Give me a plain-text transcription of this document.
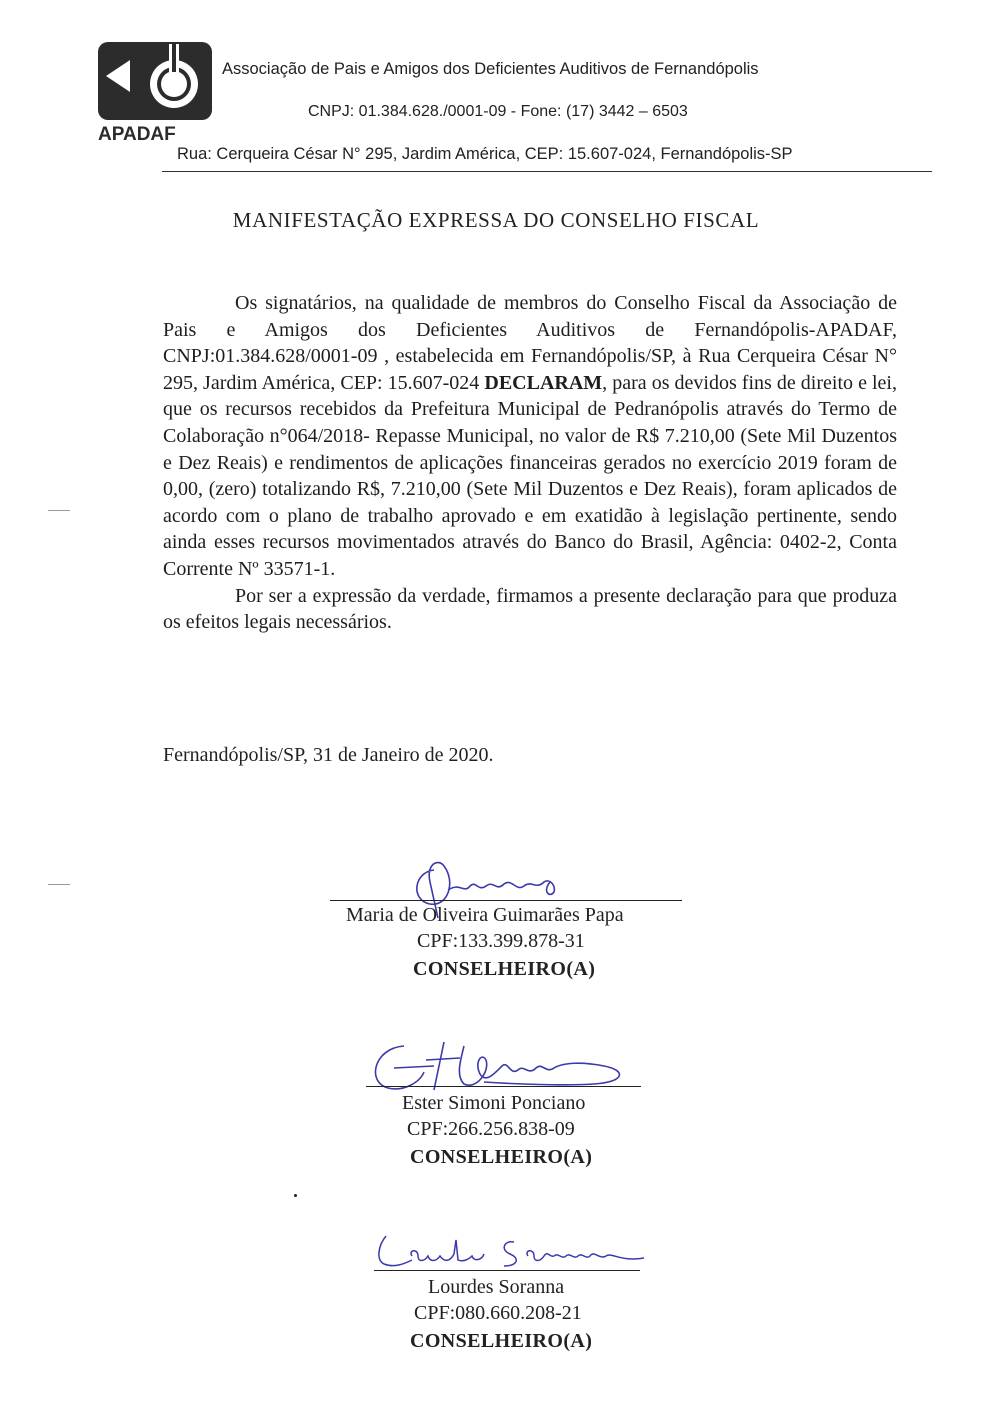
A
APADAF
Associação de Pais e Amigos dos Deficientes Auditivos de Fernandópolis
CNPJ: 01.384.628./0001-09 - Fone: (17) 3442 – 6503
Rua: Cerqueira César N° 295, Jardim América, CEP: 15.607-024, Fernandópolis-SP
MANIFESTAÇÃO EXPRESSA DO CONSELHO FISCAL

Os signatários, na qualidade de membros do Conselho Fiscal da Associação de Pais e Amigos dos Deficientes Auditivos de Fernandópolis-APADAF, CNPJ:01.384.628/0001-09 , estabelecida em Fernandópolis/SP, à Rua Cerqueira César N° 295, Jardim América, CEP: 15.607-024 DECLARAM, para os devidos fins de direito e lei, que os recursos recebidos da Prefeitura Municipal de Pedranópolis através do Termo de Colaboração n°064/2018- Repasse Municipal, no valor de R$ 7.210,00 (Sete Mil Duzentos e Dez Reais) e rendimentos de aplicações financeiras gerados no exercício 2019 foram de 0,00, (zero) totalizando R$, 7.210,00 (Sete Mil Duzentos e Dez Reais), foram aplicados de acordo com o plano de trabalho aprovado e em exatidão à legislação pertinente, sendo ainda esses recursos movimentados através do Banco do Brasil, Agência: 0402-2, Conta Corrente Nº 33571-1.

Por ser a expressão da verdade, firmamos a presente declaração para que produza os efeitos legais necessários.

Fernandópolis/SP, 31 de Janeiro de 2020.
Maria de Oliveira Guimarães Papa
CPF:133.399.878-31
CONSELHEIRO(A)
Ester Simoni Ponciano
CPF:266.256.838-09
CONSELHEIRO(A)
Lourdes Soranna
CPF:080.660.208-21
CONSELHEIRO(A)
